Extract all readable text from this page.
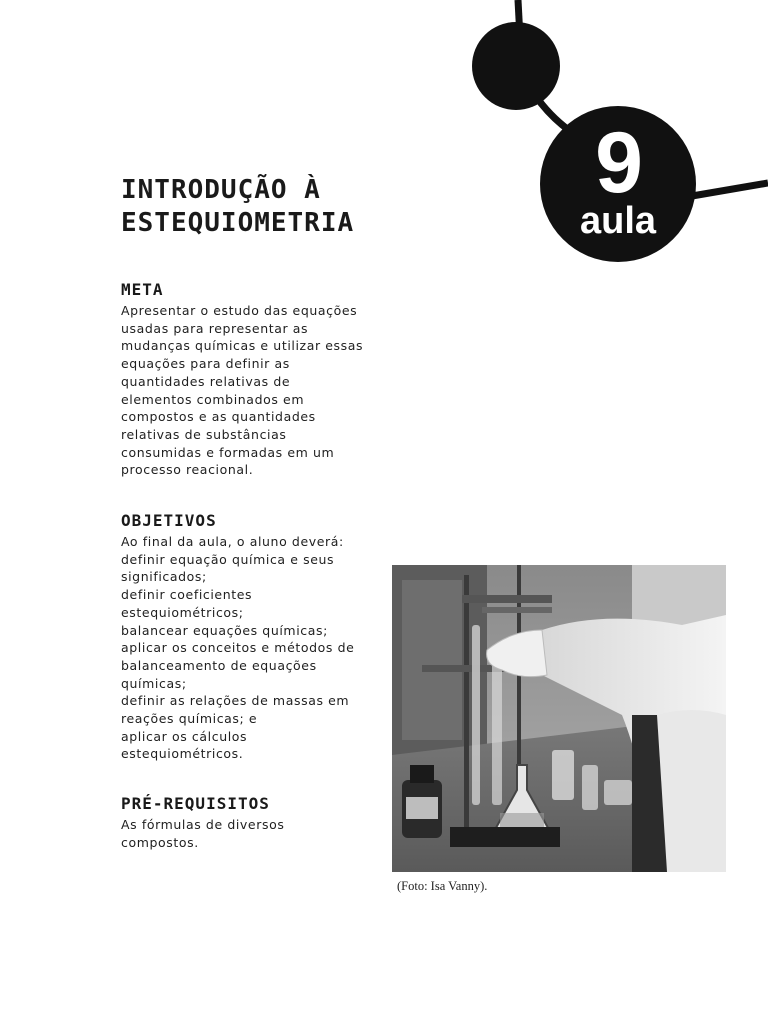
9
aula
INTRODUÇÃO À
ESTEQUIOMETRIA
META

Apresentar o estudo das equações
usadas para representar as
mudanças químicas e utilizar essas
equações para definir as
quantidades relativas de
elementos combinados em
compostos e as quantidades
relativas de substâncias
consumidas e formadas em um
processo reacional.

OBJETIVOS

Ao final da aula, o aluno deverá:
definir equação química e seus
significados;
definir coeficientes
estequiométricos;
balancear equações químicas;
aplicar os conceitos e métodos de
balanceamento de equações
químicas;
definir as relações de massas em
reações químicas; e
aplicar os cálculos
estequiométricos.

PRÉ-REQUISITOS

As fórmulas de diversos
compostos.

(Foto: Isa Vanny).
